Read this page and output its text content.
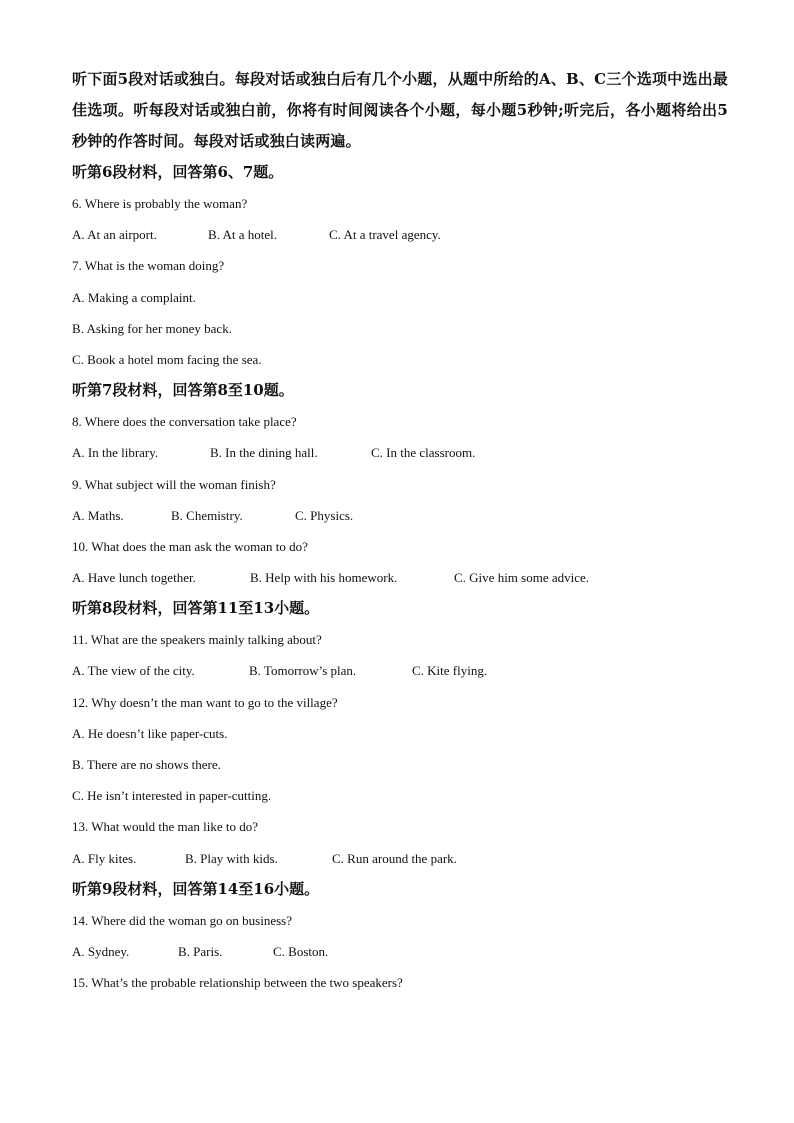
听下面5段对话或独白。每段对话或独白后有几个小题，从题中所给的A、B、C三个选项中选出最佳选项。听每段对话或独白前，你将有时间阅读各个小题，每小题5秒钟;听完后，各小题将给出5秒钟的作答时间。每段对话或独白读两遍。

听第6段材料，回答第6、7题。

6. Where is probably the woman?

A. At an airport.	B. At a hotel.	C. At a travel agency.

7. What is the woman doing?

A. Making a complaint.

B. Asking for her money back.

C. Book a hotel mom facing the sea.

听第7段材料，回答第8至10题。

8. Where does the conversation take place?

A. In the library.	B. In the dining hall.	C. In the classroom.

9. What subject will the woman finish?

A. Maths.	B. Chemistry.	C. Physics.

10. What does the man ask the woman to do?

A. Have lunch together.	B. Help with his homework.	C. Give him some advice.

听第8段材料，回答第11至13小题。

11. What are the speakers mainly talking about?

A. The view of the city.	B. Tomorrow’s plan.	C. Kite flying.

12. Why doesn’t the man want to go to the village?

A. He doesn’t like paper-cuts.

B. There are no shows there.

C. He isn’t interested in paper-cutting.

13. What would the man like to do?

A. Fly kites.	B. Play with kids.	C. Run around the park.

听第9段材料，回答第14至16小题。

14. Where did the woman go on business?

A. Sydney.	B. Paris.	C. Boston.

15. What’s the probable relationship between the two speakers?
